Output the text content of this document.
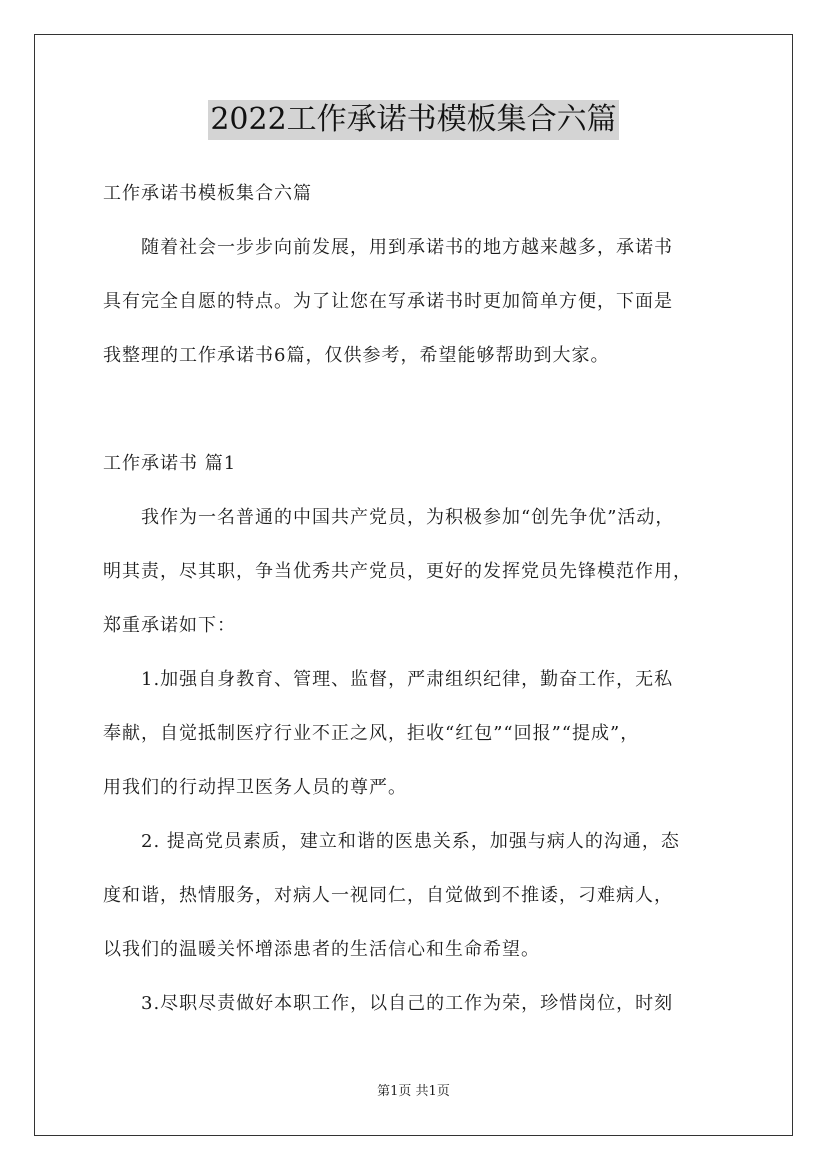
2022工作承诺书模板集合六篇
工作承诺书模板集合六篇
　　随着社会一步步向前发展，用到承诺书的地方越来越多，承诺书
具有完全自愿的特点。为了让您在写承诺书时更加简单方便，下面是
我整理的工作承诺书6篇，仅供参考，希望能够帮助到大家。
工作承诺书 篇1
　　我作为一名普通的中国共产党员，为积极参加“创先争优”活动，
明其责，尽其职，争当优秀共产党员，更好的发挥党员先锋模范作用，
郑重承诺如下：
　　1.加强自身教育、管理、监督，严肃组织纪律，勤奋工作，无私
奉献，自觉抵制医疗行业不正之风，拒收“红包”“回报”“提成”，
用我们的行动捍卫医务人员的尊严。
　　2. 提高党员素质，建立和谐的医患关系，加强与病人的沟通，态
度和谐，热情服务，对病人一视同仁，自觉做到不推诿，刁难病人，
以我们的温暖关怀增添患者的生活信心和生命希望。
　　3.尽职尽责做好本职工作，以自己的工作为荣，珍惜岗位，时刻
第1页 共1页
